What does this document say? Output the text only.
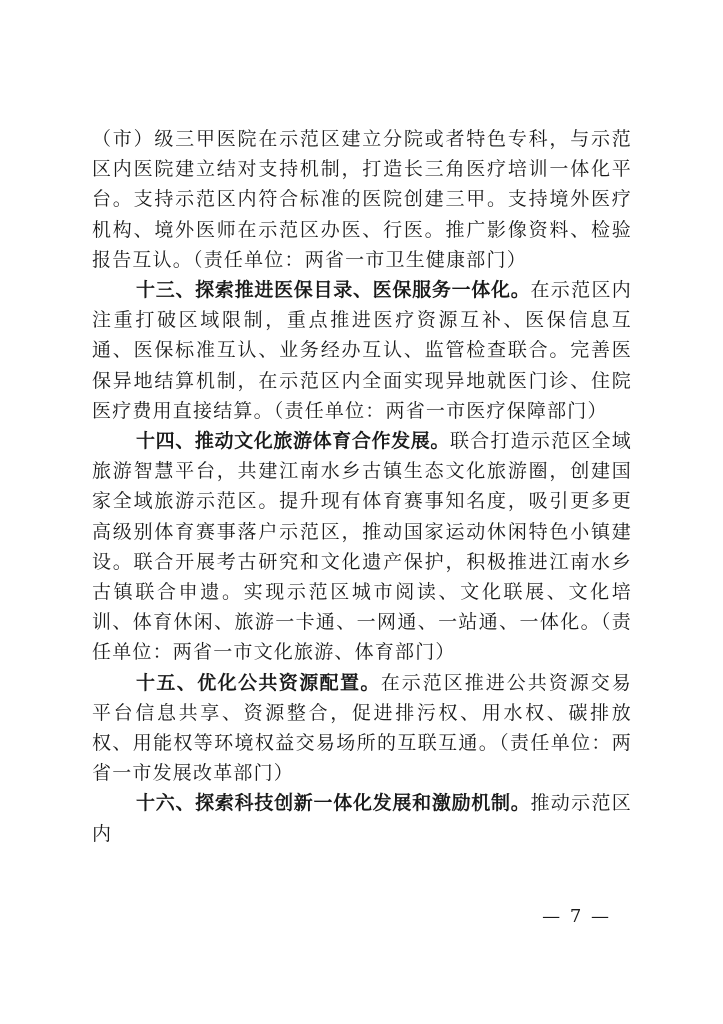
（市）级三甲医院在示范区建立分院或者特色专科，与示范区内医院建立结对支持机制，打造长三角医疗培训一体化平台。支持示范区内符合标准的医院创建三甲。支持境外医疗机构、境外医师在示范区办医、行医。推广影像资料、检验报告互认。（责任单位：两省一市卫生健康部门）

十三、探索推进医保目录、医保服务一体化。在示范区内注重打破区域限制，重点推进医疗资源互补、医保信息互通、医保标准互认、业务经办互认、监管检查联合。完善医保异地结算机制，在示范区内全面实现异地就医门诊、住院医疗费用直接结算。（责任单位：两省一市医疗保障部门）

十四、推动文化旅游体育合作发展。联合打造示范区全域旅游智慧平台，共建江南水乡古镇生态文化旅游圈，创建国家全域旅游示范区。提升现有体育赛事知名度，吸引更多更高级别体育赛事落户示范区，推动国家运动休闲特色小镇建设。联合开展考古研究和文化遗产保护，积极推进江南水乡古镇联合申遗。实现示范区城市阅读、文化联展、文化培训、体育休闲、旅游一卡通、一网通、一站通、一体化。（责任单位：两省一市文化旅游、体育部门）

十五、优化公共资源配置。在示范区推进公共资源交易平台信息共享、资源整合，促进排污权、用水权、碳排放权、用能权等环境权益交易场所的互联互通。（责任单位：两省一市发展改革部门）

十六、探索科技创新一体化发展和激励机制。推动示范区内

— 7 —
